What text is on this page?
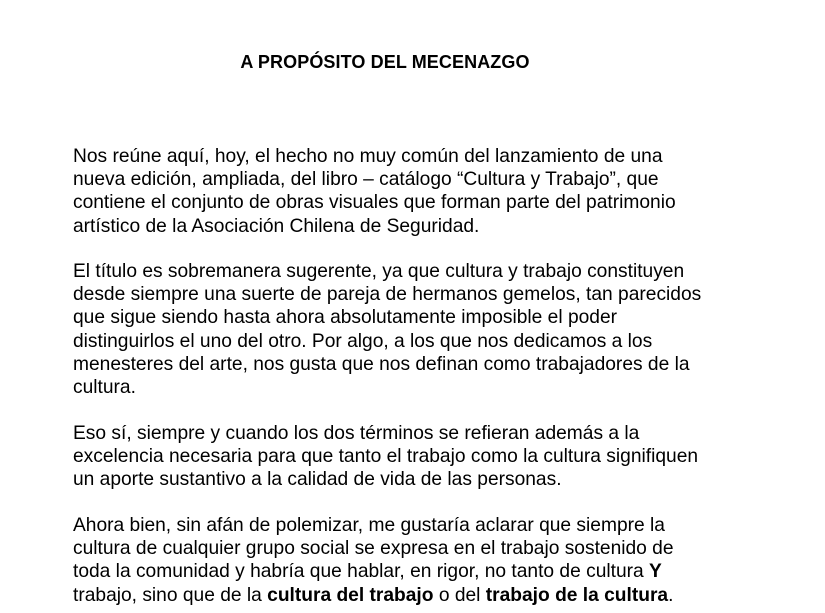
A PROPÓSITO DEL MECENAZGO
Nos reúne aquí, hoy, el hecho no muy común del lanzamiento de una
nueva edición, ampliada, del libro – catálogo “Cultura y Trabajo”, que
contiene el conjunto de obras visuales que forman parte del patrimonio
artístico de la Asociación Chilena de Seguridad.
El título es sobremanera sugerente, ya que cultura y trabajo constituyen
desde siempre una suerte de pareja de hermanos gemelos, tan parecidos
que sigue siendo hasta ahora absolutamente imposible el poder
distinguirlos el uno del otro. Por algo, a los que nos dedicamos a los
menesteres del arte, nos gusta que nos definan como trabajadores de la
cultura.
Eso sí, siempre y cuando los dos términos se refieran además a la
excelencia necesaria para que tanto el trabajo como la cultura signifiquen
un aporte sustantivo a la calidad de vida de las personas.
Ahora bien, sin afán de polemizar, me gustaría aclarar que siempre la
cultura de cualquier grupo social se expresa en el trabajo sostenido de
toda la comunidad y habría que hablar, en rigor, no tanto de cultura Y
trabajo, sino que de la cultura del trabajo o del trabajo de la cultura.
